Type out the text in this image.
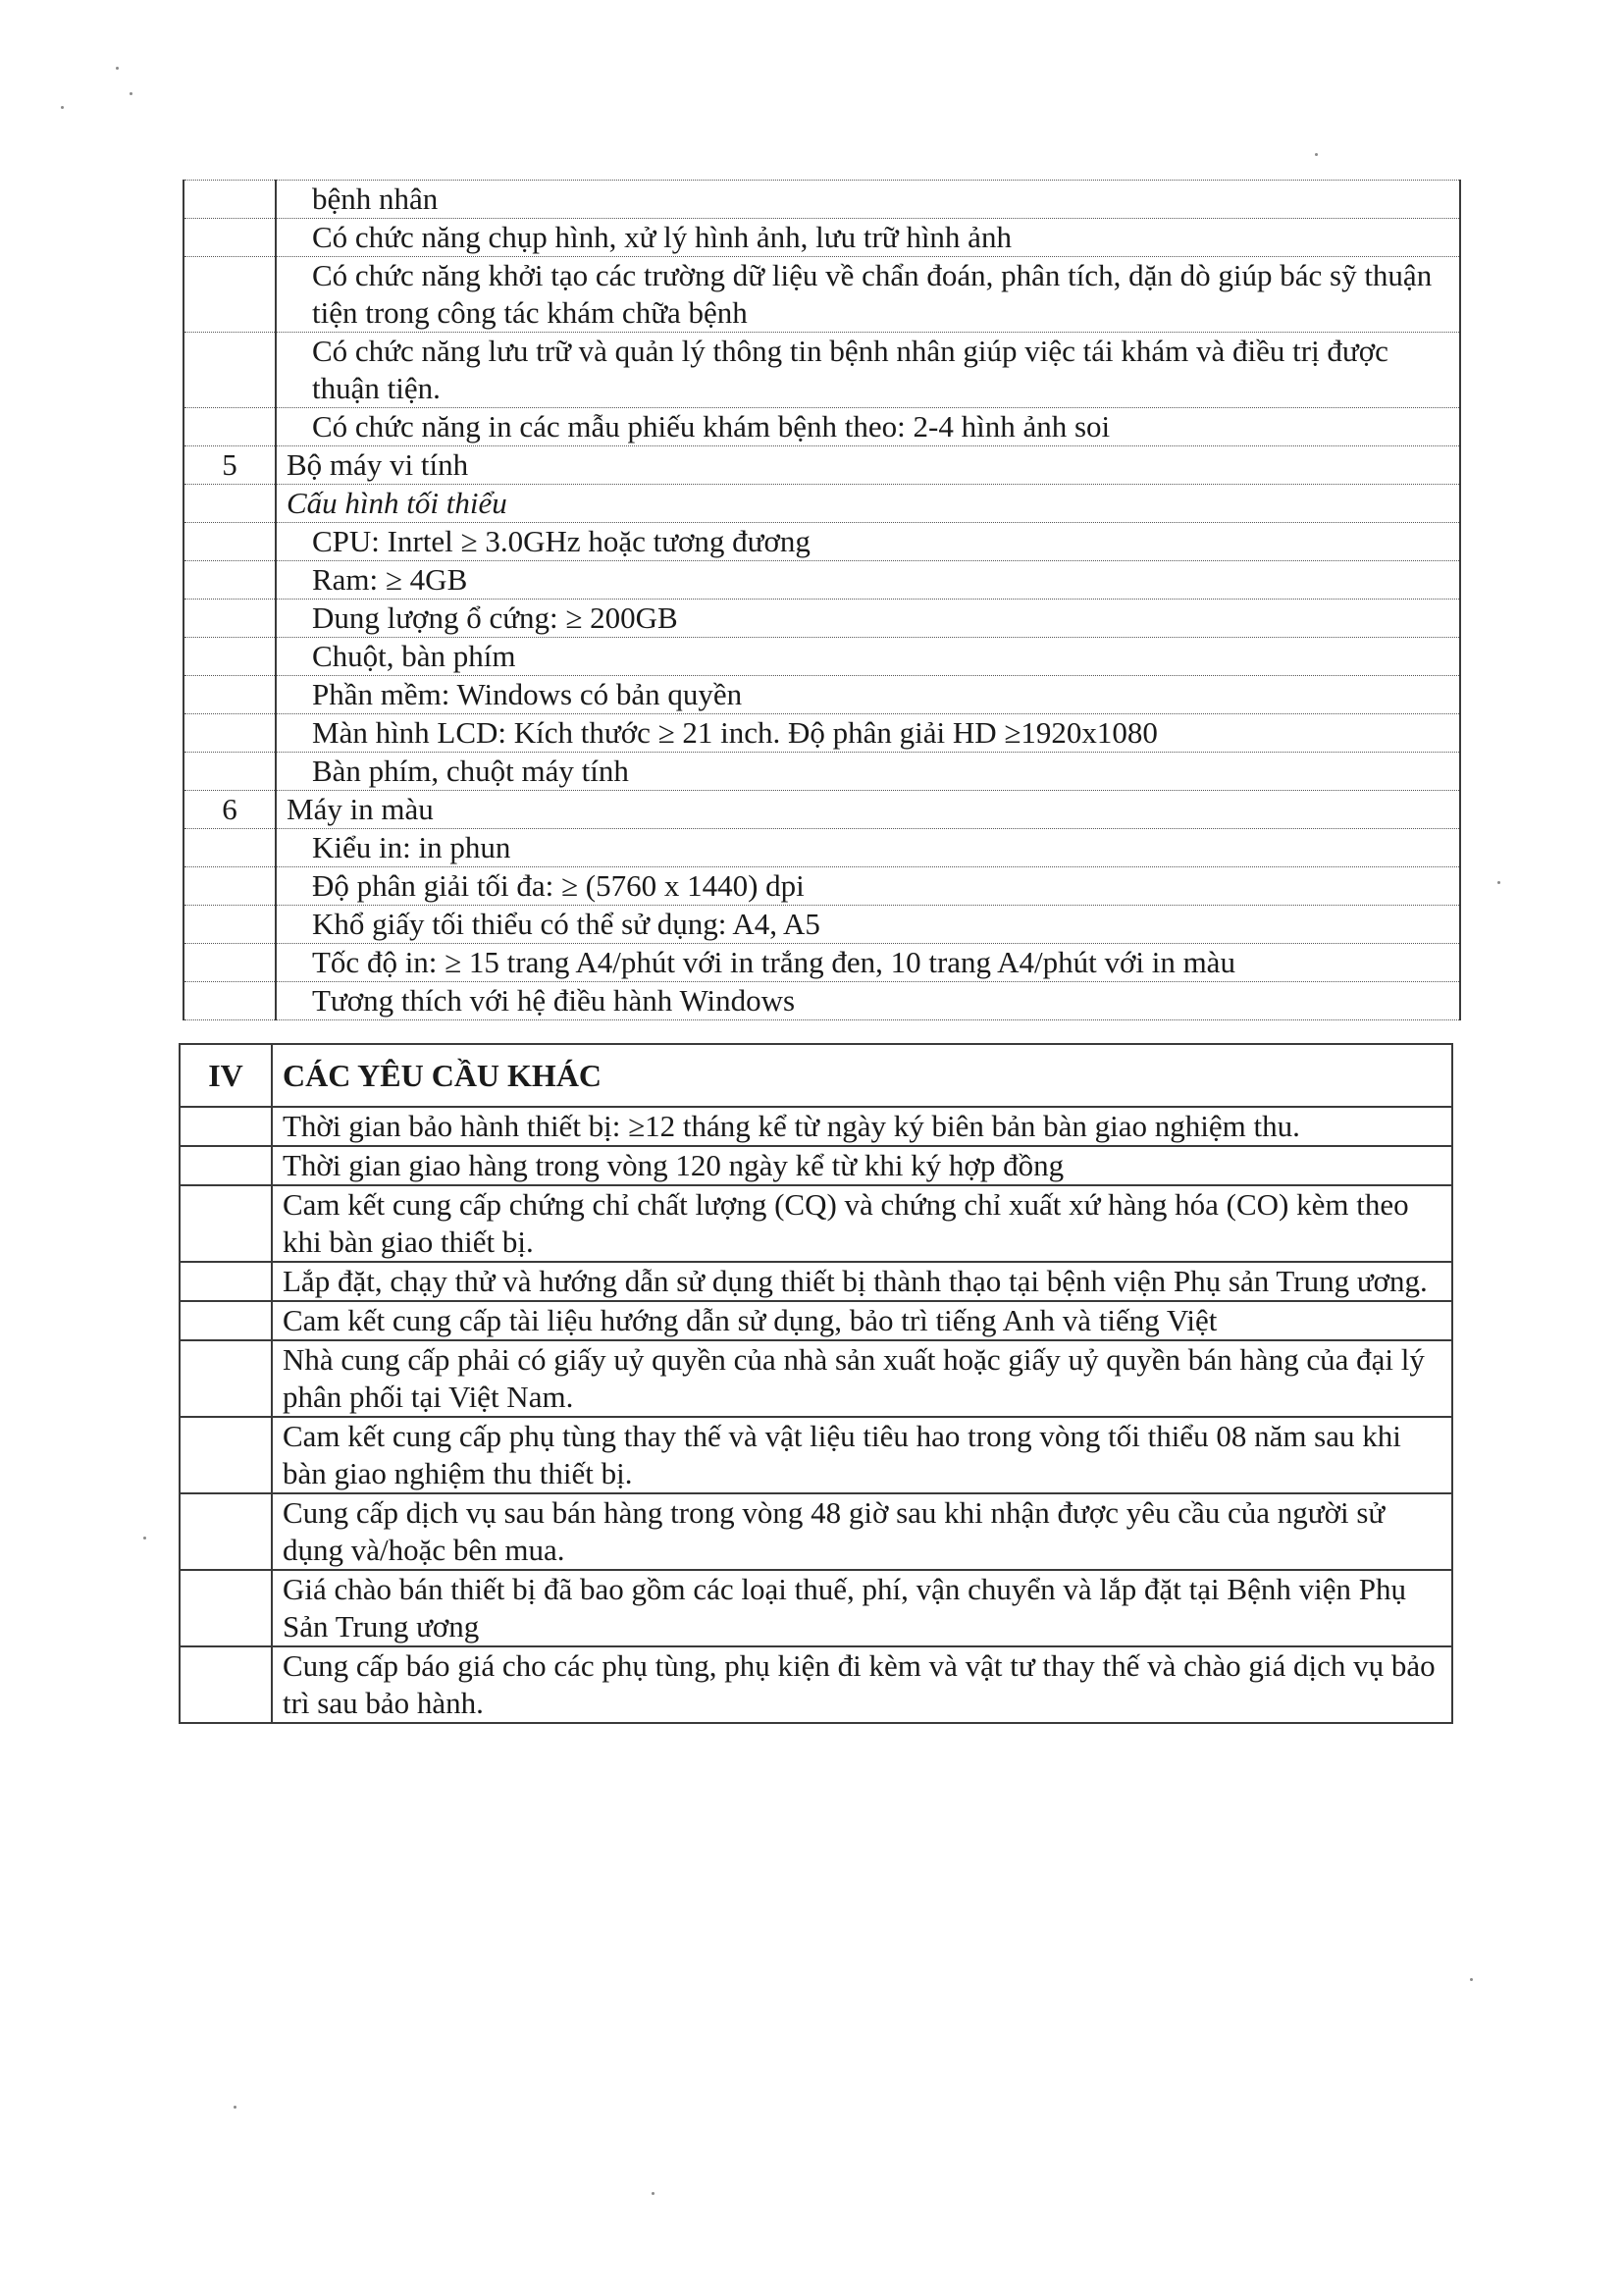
	bệnh nhân
	Có chức năng chụp hình, xử lý hình ảnh, lưu trữ hình ảnh
	Có chức năng khởi tạo các trường dữ liệu về chẩn đoán, phân tích, dặn dò giúp bác sỹ thuận tiện trong công tác khám chữa bệnh
	Có chức năng lưu trữ và quản lý thông tin bệnh nhân giúp việc tái khám và điều trị được thuận tiện.
	Có chức năng in các mẫu phiếu khám bệnh theo: 2-4 hình ảnh soi
5	Bộ máy vi tính
	Cấu hình tối thiểu
	CPU: Inrtel ≥ 3.0GHz hoặc tương đương
	Ram: ≥ 4GB
	Dung lượng ổ cứng: ≥ 200GB
	Chuột, bàn phím
	Phần mềm: Windows có bản quyền
	Màn hình LCD: Kích thước ≥ 21 inch. Độ phân giải HD ≥1920x1080
	Bàn phím, chuột máy tính
6	Máy in màu
	Kiểu in: in phun
	Độ phân giải tối đa: ≥ (5760 x 1440) dpi
	Khổ giấy tối thiểu có thể sử dụng: A4, A5
	Tốc độ in: ≥ 15 trang A4/phút với in trắng đen, 10 trang A4/phút với in màu
	Tương thích với hệ điều hành Windows
IV	CÁC YÊU CẦU KHÁC
	Thời gian bảo hành thiết bị: ≥12 tháng kể từ ngày ký biên bản bàn giao nghiệm thu.
	Thời gian giao hàng trong vòng 120 ngày kể từ khi ký hợp đồng
	Cam kết cung cấp chứng chỉ chất lượng (CQ) và chứng chỉ xuất xứ hàng hóa (CO) kèm theo khi bàn giao thiết bị.
	Lắp đặt, chạy thử và hướng dẫn sử dụng thiết bị thành thạo tại bệnh viện Phụ sản Trung ương.
	Cam kết cung cấp tài liệu hướng dẫn sử dụng, bảo trì tiếng Anh và tiếng Việt
	Nhà cung cấp phải có giấy uỷ quyền của nhà sản xuất hoặc giấy uỷ quyền bán hàng của đại lý phân phối tại Việt Nam.
	Cam kết cung cấp phụ tùng thay thế và vật liệu tiêu hao trong vòng tối thiểu 08 năm sau khi bàn giao nghiệm thu thiết bị.
	Cung cấp dịch vụ sau bán hàng trong vòng 48 giờ sau khi nhận được yêu cầu của người sử dụng và/hoặc bên mua.
	Giá chào bán thiết bị đã bao gồm các loại thuế, phí, vận chuyển và lắp đặt tại Bệnh viện Phụ Sản Trung ương
	Cung cấp báo giá cho các phụ tùng, phụ kiện đi kèm và vật tư thay thế và chào giá dịch vụ bảo trì sau bảo hành.
